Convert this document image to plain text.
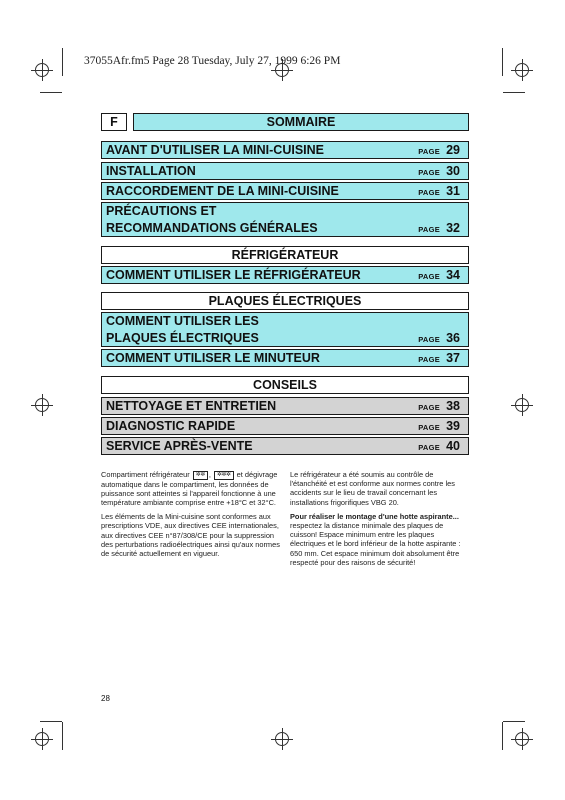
37055Afr.fm5 Page 28 Tuesday, July 27, 1999 6:26 PM
F	SOMMAIRE
AVANT D'UTILISER LA MINI-CUISINE	PAGE 29
INSTALLATION	PAGE 30
RACCORDEMENT DE LA MINI-CUISINE	PAGE 31
PRÉCAUTIONS ET
RECOMMANDATIONS GÉNÉRALES	PAGE 32
RÉFRIGÉRATEUR
COMMENT UTILISER LE RÉFRIGÉRATEUR	PAGE 34
PLAQUES ÉLECTRIQUES
COMMENT UTILISER LES
PLAQUES ÉLECTRIQUES	PAGE 36
COMMENT UTILISER LE MINUTEUR	PAGE 37
CONSEILS
NETTOYAGE ET ENTRETIEN	PAGE 38
DIAGNOSTIC RAPIDE	PAGE 39
SERVICE APRÈS-VENTE	PAGE 40

Compartiment réfrigérateur ✲✲ , ✲✲✲ et dégivrage automatique dans le compartiment, les données de puissance sont atteintes si l'appareil fonctionne à une température ambiante comprise entre +18°C et 32°C.

Les éléments de la Mini-cuisine sont conformes aux prescriptions VDE, aux directives CEE internationales, aux directives CEE n°87/308/CE pour la suppression des perturbations radioélectriques ainsi qu'aux normes de sécurité actuellement en vigueur.

Le réfrigérateur a été soumis au contrôle de l'étanchéité et est conforme aux normes contre les accidents sur le lieu de travail concernant les installations frigorifiques VBG 20.

Pour réaliser le montage d'une hotte aspirante...

respectez la distance minimale des plaques de cuisson! Espace minimum entre les plaques électriques et le bord inférieur de la hotte aspirante : 650 mm. Cet espace minimum doit absolument être respecté pour des raisons de sécurité!

28
